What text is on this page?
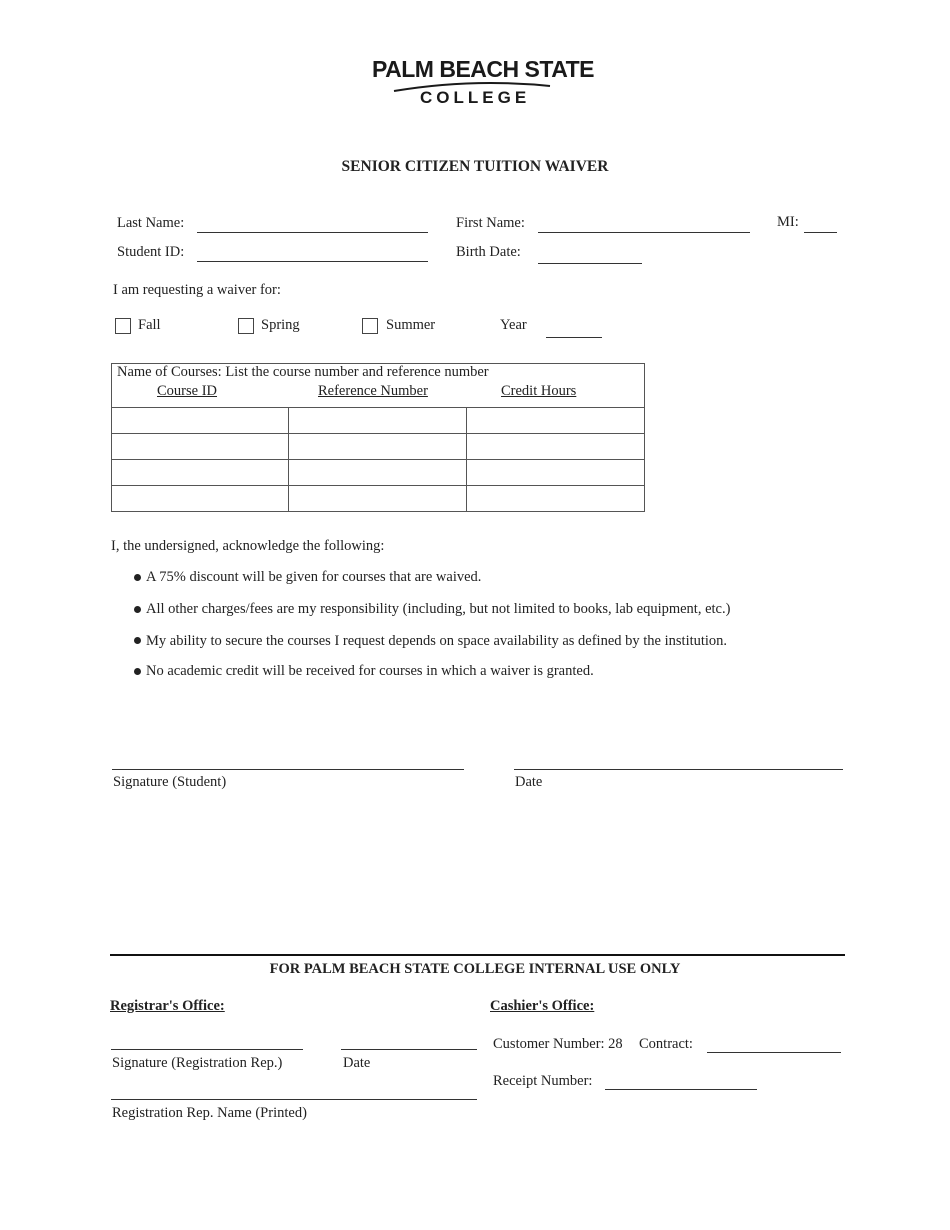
PALM BEACH STATE
COLLEGE
SENIOR CITIZEN TUITION WAIVER
Last Name:	First Name:	MI:
Student ID:	Birth Date:
I am requesting a waiver for:
Fall	Spring	Summer	Year
Name of Courses: List the course number and reference number
Course ID	Reference Number	Credit Hours

I, the undersigned, acknowledge the following:
A 75% discount will be given for courses that are waived.
All other charges/fees are my responsibility (including, but not limited to books, lab equipment, etc.)
My ability to secure the courses I request depends on space availability as defined by the institution.
No academic credit will be received for courses in which a waiver is granted.
Signature (Student)	Date
FOR PALM BEACH STATE COLLEGE INTERNAL USE ONLY
Registrar's Office:
Signature (Registration Rep.)	Date
Registration Rep. Name (Printed)
Cashier's Office:
Customer Number: 28 Contract:
Receipt Number:
